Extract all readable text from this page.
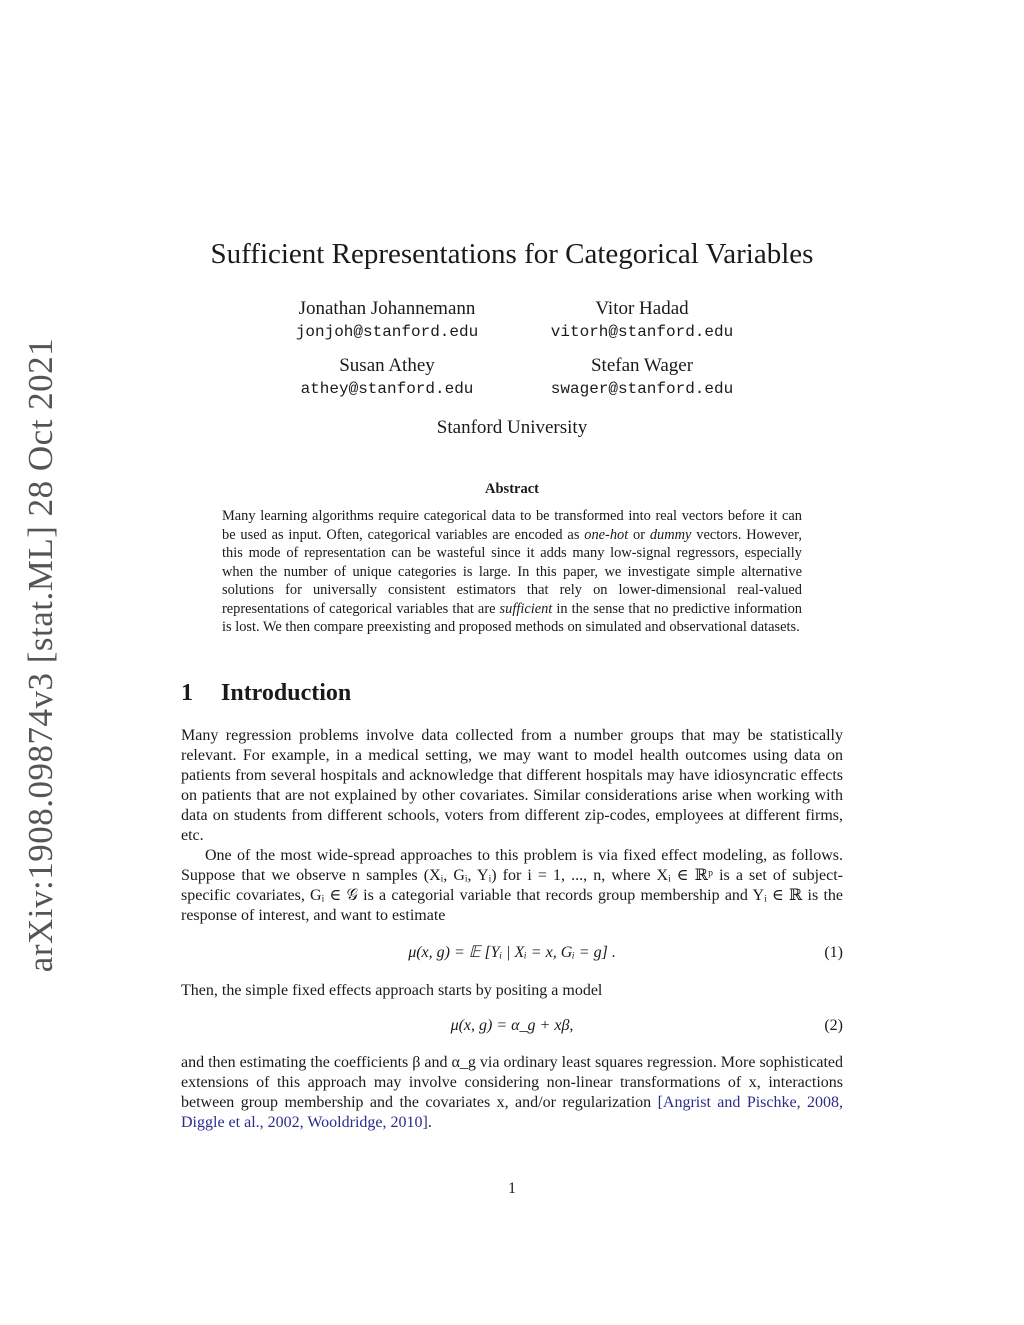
arXiv:1908.09874v3 [stat.ML] 28 Oct 2021
Sufficient Representations for Categorical Variables
Jonathan Johannemann
jonjoh@stanford.edu
Vitor Hadad
vitorh@stanford.edu
Susan Athey
athey@stanford.edu
Stefan Wager
swager@stanford.edu
Stanford University
Abstract

Many learning algorithms require categorical data to be transformed into real vectors before it can be used as input. Often, categorical variables are encoded as one-hot or dummy vectors. However, this mode of representation can be wasteful since it adds many low-signal regressors, especially when the number of unique categories is large. In this paper, we investigate simple alternative solutions for universally consistent estimators that rely on lower-dimensional real-valued representations of categorical variables that are sufficient in the sense that no predictive information is lost. We then compare preexisting and proposed methods on simulated and observational datasets.

1 Introduction

Many regression problems involve data collected from a number groups that may be statistically relevant. For example, in a medical setting, we may want to model health outcomes using data on patients from several hospitals and acknowledge that different hospitals may have idiosyncratic effects on patients that are not explained by other covariates. Similar considerations arise when working with data on students from different schools, voters from different zip-codes, employees at different firms, etc.

One of the most wide-spread approaches to this problem is via fixed effect modeling, as follows. Suppose that we observe n samples (Xᵢ, Gᵢ, Yᵢ) for i = 1, ..., n, where Xᵢ ∈ ℝᵖ is a set of subject-specific covariates, Gᵢ ∈ 𝒢 is a categorial variable that records group membership and Yᵢ ∈ ℝ is the response of interest, and want to estimate

μ(x, g) = 𝔼 [Yᵢ | Xᵢ = x, Gᵢ = g] .	(1)

Then, the simple fixed effects approach starts by positing a model

μ(x, g) = α_g + xβ,	(2)

and then estimating the coefficients β and α_g via ordinary least squares regression. More sophisticated extensions of this approach may involve considering non-linear transformations of x, interactions between group membership and the covariates x, and/or regularization [Angrist and Pischke, 2008, Diggle et al., 2002, Wooldridge, 2010].

1
